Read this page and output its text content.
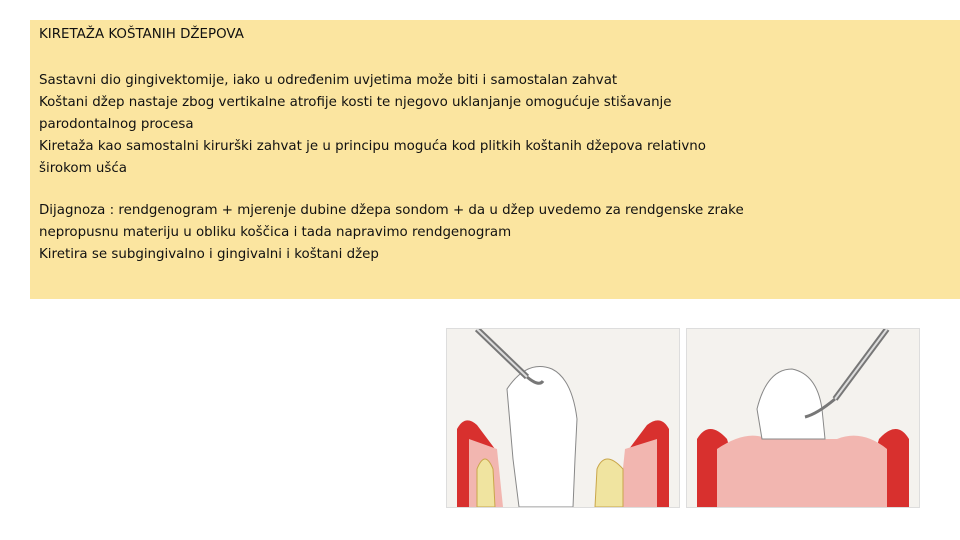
KIRETAŽA KOŠTANIH DŽEPOVA
Sastavni dio gingivektomije, iako u određenim uvjetima može biti i samostalan zahvat
Koštani džep nastaje zbog vertikalne atrofije kosti te njegovo uklanjanje omogućuje stišavanje
parodontalnog procesa
Kiretaža kao samostalni kirurški zahvat je u principu moguća kod plitkih koštanih džepova relativno
širokom ušća
Dijagnoza : rendgenogram + mjerenje dubine džepa sondom + da u džep uvedemo za rendgenske zrake
nepropusnu materiju u obliku koščica i tada napravimo rendgenogram
Kiretira se subgingivalno i gingivalni i koštani džep
